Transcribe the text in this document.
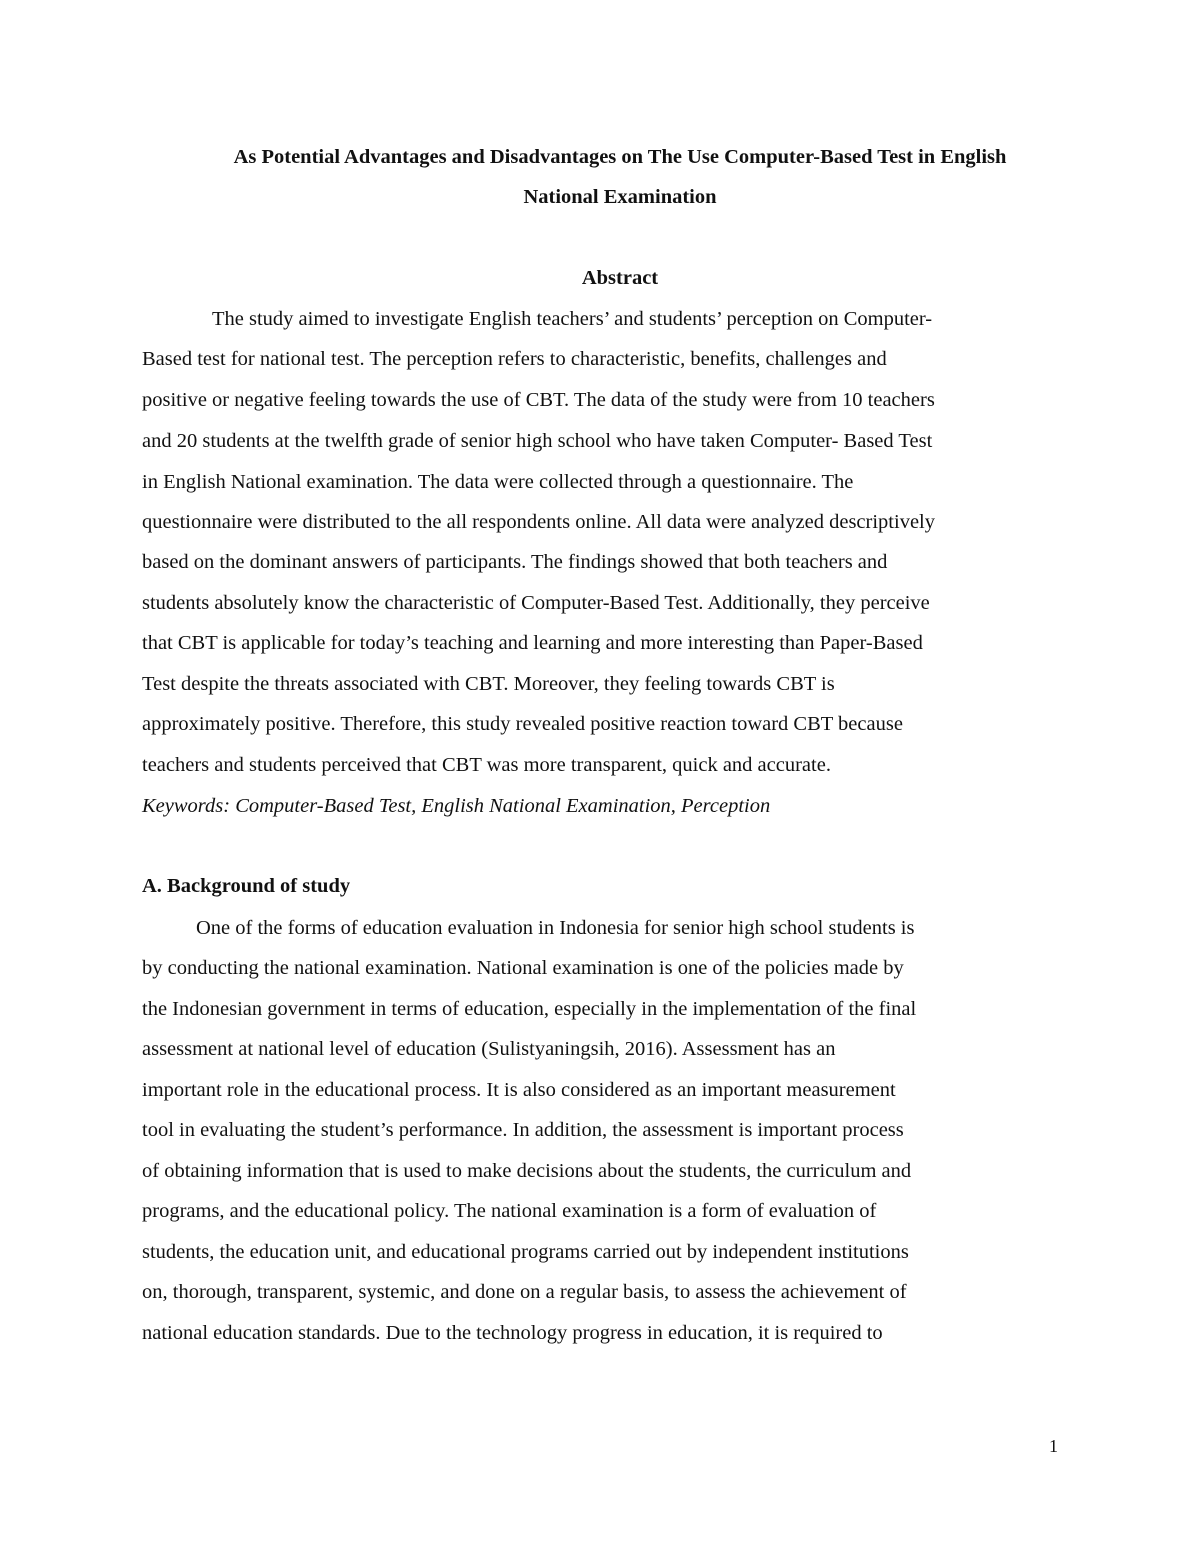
As Potential Advantages and Disadvantages on The Use Computer-Based Test in English
National Examination
Abstract
The study aimed to investigate English teachers’ and students’ perception on Computer-
Based test for national test. The perception refers to characteristic, benefits, challenges and
positive or negative feeling towards the use of CBT. The data of the study were from 10 teachers
and 20 students at the twelfth grade of senior high school who have taken Computer- Based Test
in English National examination. The data were collected through a questionnaire. The
questionnaire were distributed to the all respondents online. All data were analyzed descriptively
based on the dominant answers of participants. The findings showed that both teachers and
students absolutely know the characteristic of Computer-Based Test. Additionally, they perceive
that CBT is applicable for today’s teaching and learning and more interesting than Paper-Based
Test despite the threats associated with CBT. Moreover, they feeling towards CBT is
approximately positive. Therefore, this study revealed positive reaction toward CBT because
teachers and students perceived that CBT was more transparent, quick and accurate.
Keywords: Computer-Based Test, English National Examination, Perception
A. Background of study
One of the forms of education evaluation in Indonesia for senior high school students is
by conducting the national examination. National examination is one of the policies made by
the Indonesian government in terms of education, especially in the implementation of the final
assessment at national level of education (Sulistyaningsih, 2016). Assessment has an
important role in the educational process. It is also considered as an important measurement
tool in evaluating the student’s performance. In addition, the assessment is important process
of obtaining information that is used to make decisions about the students, the curriculum and
programs, and the educational policy. The national examination is a form of evaluation of
students, the education unit, and educational programs carried out by independent institutions
on, thorough, transparent, systemic, and done on a regular basis, to assess the achievement of
national education standards. Due to the technology progress in education, it is required to
1
